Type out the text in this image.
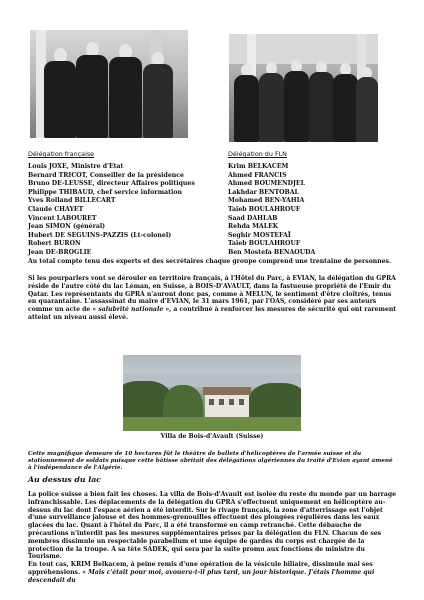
Délégation française	Délégation du FLN
Louis JOXE, Ministre d'Etat
Bernard TRICOT, Conseiller de la présidence
Bruno DE-LEUSSE, directeur Affaires politiques
Philippe THIBAUD, chef service information
Yves Rolland BILLECART
Claude CHAYET
Vincent LABOURET
Jean SIMON (général)
Hubert DE SEGUINS-PAZZIS (Lt-colonel)
Robert BURON
Jean DE-BROGLIE
Krim BELKACEM
Ahmed FRANCIS
Ahmed BOUMENDJEL
Lakhdar BENTOBAL
Mohamed BEN-YAHIA
Taïeb BOULAHROUF
Saad DAHLAB
Rehda MALEK
Seghir MOSTEFAÏ
Taïeb BOULAHROUF
Ben Mostefa BENAOUDA
Au total compte tenu des experts et des secrétaires chaque groupe comprend une trentaine de personnes.
Si les pourparlers vont se dérouler en territoire français, à l'Hôtel du Parc, à EVIAN, la délégation du GPRA réside de l'autre côté du lac Léman, en Suisse, à BOIS-D'AVAULT, dans la fastueuse propriété de l'Emir du Qatar. Les représentants du GPRA n'auront donc pas, comme à MELUN, le sentiment d'être cloîtrés, tenus en quarantaine. L'assassinat du maire d'EVIAN, le 31 mars 1961, par l'OAS, considéré par ses auteurs comme un acte de « salubrité nationale », a contribué à renforcer les mesures de sécurité qui ont rarement atteint un niveau aussi élevé.
Villa de Bois-d'Avault (Suisse)
Cette magnifique demeure de 10 hectares fût le théâtre de ballets d'hélicoptères de l'armée suisse et du stationnement de soldats puisque cette bâtisse abritait des délégations algériennes du traité d'Evian ayant amené à l'indépendance de l'Algérie.
Au dessus du lac
La police suisse a bien fait les choses. La villa de Bois-d'Avault est isolée du reste du monde par un barrage infranchissable. Les déplacements de la délégation du GPRA s'effectuent uniquement en hélicoptère au-dessus du lac dont l'espace aérien a été interdit. Sur le rivage français, la zone d'atterrissage est l'objet d'une surveillance jalouse et des hommes-grenouilles effectuent des plongées régulières dans les eaux glacées du lac. Quant à l'hôtel du Parc, il a été transformé en camp retranché. Cette débauche de précautions n'interdit pas les mesures supplémentaires prises par la délégation du FLN. Chacun de ses membres dissimule un respectable parabellum et une équipe de gardes du corps est chargée de la protection de la troupe. A sa tête SADEK, qui sera par la suite promu aux fonctions de ministre du Tourisme.
En tout cas, KRIM Belkacem, à peine remis d'une opération de la vésicule biliaire, dissimule mal ses appréhensions. « Mais c'était pour moi, avouera-t-il plus tard, un jour historique. J'étais l'homme qui descendait du
